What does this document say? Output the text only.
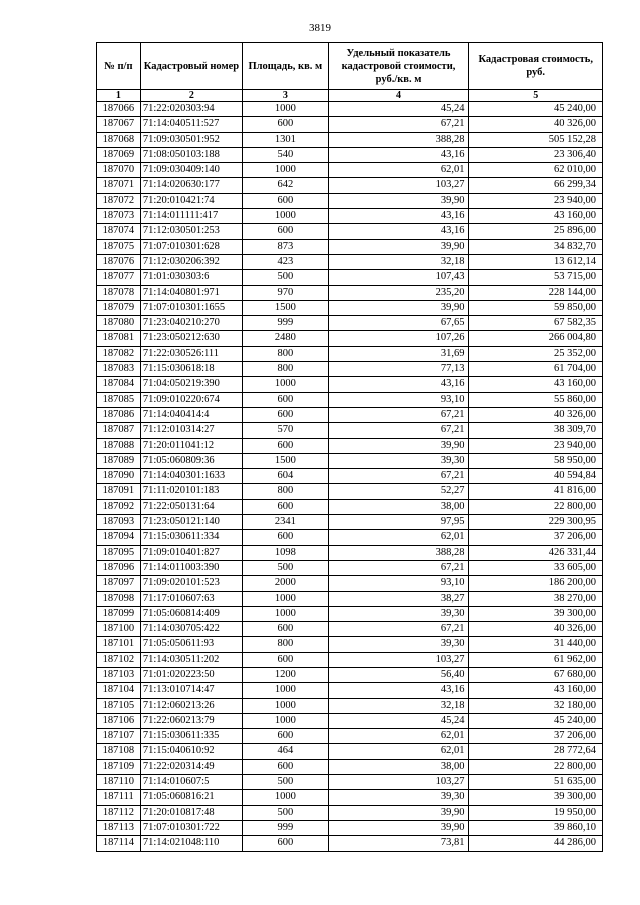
3819
№ п/п	Кадастровый номер	Площадь, кв. м	Удельный показатель кадастровой стоимости, руб./кв. м	Кадастровая стоимость, руб.
1	2	3	4	5
187066	71:22:020303:94	1000	45,24	45 240,00
187067	71:14:040511:527	600	67,21	40 326,00
187068	71:09:030501:952	1301	388,28	505 152,28
187069	71:08:050103:188	540	43,16	23 306,40
187070	71:09:030409:140	1000	62,01	62 010,00
187071	71:14:020630:177	642	103,27	66 299,34
187072	71:20:010421:74	600	39,90	23 940,00
187073	71:14:011111:417	1000	43,16	43 160,00
187074	71:12:030501:253	600	43,16	25 896,00
187075	71:07:010301:628	873	39,90	34 832,70
187076	71:12:030206:392	423	32,18	13 612,14
187077	71:01:030303:6	500	107,43	53 715,00
187078	71:14:040801:971	970	235,20	228 144,00
187079	71:07:010301:1655	1500	39,90	59 850,00
187080	71:23:040210:270	999	67,65	67 582,35
187081	71:23:050212:630	2480	107,26	266 004,80
187082	71:22:030526:111	800	31,69	25 352,00
187083	71:15:030618:18	800	77,13	61 704,00
187084	71:04:050219:390	1000	43,16	43 160,00
187085	71:09:010220:674	600	93,10	55 860,00
187086	71:14:040414:4	600	67,21	40 326,00
187087	71:12:010314:27	570	67,21	38 309,70
187088	71:20:011041:12	600	39,90	23 940,00
187089	71:05:060809:36	1500	39,30	58 950,00
187090	71:14:040301:1633	604	67,21	40 594,84
187091	71:11:020101:183	800	52,27	41 816,00
187092	71:22:050131:64	600	38,00	22 800,00
187093	71:23:050121:140	2341	97,95	229 300,95
187094	71:15:030611:334	600	62,01	37 206,00
187095	71:09:010401:827	1098	388,28	426 331,44
187096	71:14:011003:390	500	67,21	33 605,00
187097	71:09:020101:523	2000	93,10	186 200,00
187098	71:17:010607:63	1000	38,27	38 270,00
187099	71:05:060814:409	1000	39,30	39 300,00
187100	71:14:030705:422	600	67,21	40 326,00
187101	71:05:050611:93	800	39,30	31 440,00
187102	71:14:030511:202	600	103,27	61 962,00
187103	71:01:020223:50	1200	56,40	67 680,00
187104	71:13:010714:47	1000	43,16	43 160,00
187105	71:12:060213:26	1000	32,18	32 180,00
187106	71:22:060213:79	1000	45,24	45 240,00
187107	71:15:030611:335	600	62,01	37 206,00
187108	71:15:040610:92	464	62,01	28 772,64
187109	71:22:020314:49	600	38,00	22 800,00
187110	71:14:010607:5	500	103,27	51 635,00
187111	71:05:060816:21	1000	39,30	39 300,00
187112	71:20:010817:48	500	39,90	19 950,00
187113	71:07:010301:722	999	39,90	39 860,10
187114	71:14:021048:110	600	73,81	44 286,00
